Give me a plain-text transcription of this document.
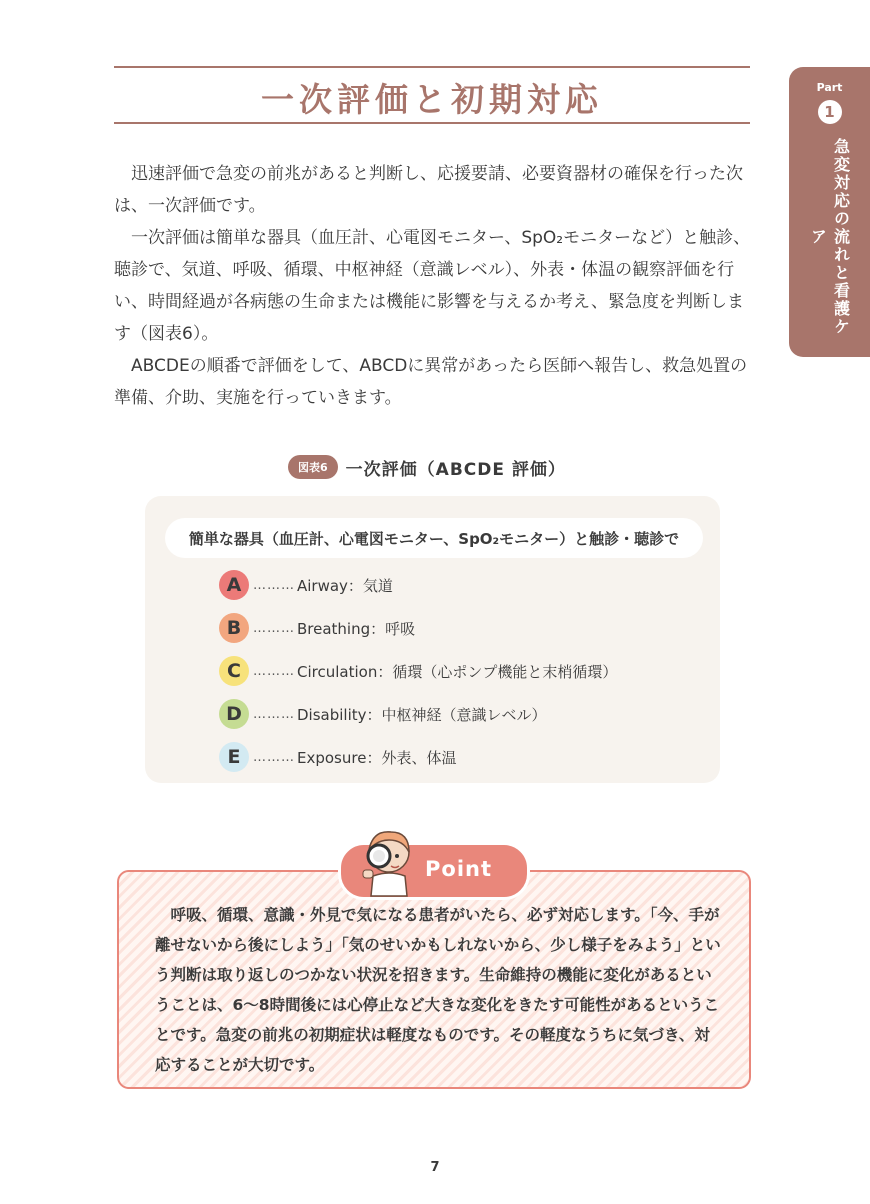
一次評価と初期対応	Part
1
急変対応の流れと看護ケア

迅速評価で急変の前兆があると判断し、応援要請、必要資器材の確保を行った次は、一次評価です。

一次評価は簡単な器具（血圧計、心電図モニター、SpO₂モニターなど）と触診、聴診で、気道、呼吸、循環、中枢神経（意識レベル）、外表・体温の観察評価を行い、時間経過が各病態の生命または機能に影響を与えるか考え、緊急度を判断します（図表6）。

ABCDEの順番で評価をして、ABCDに異常があったら医師へ報告し、救急処置の準備、介助、実施を行っていきます。

図表6	一次評価（ABCDE 評価）
簡単な器具（血圧計、心電図モニター、SpO₂モニター）と触診・聴診で
A ……… Airway：気道
B ……… Breathing：呼吸
C ……… Circulation：循環（心ポンプ機能と末梢循環）
D ……… Disability：中枢神経（意識レベル）
E ……… Exposure：外表、体温

呼吸、循環、意識・外見で気になる患者がいたら、必ず対応します。「今、手が離せないから後にしよう」「気のせいかもしれないから、少し様子をみよう」という判断は取り返しのつかない状況を招きます。生命維持の機能に変化があるということは、6〜8時間後には心停止など大きな変化をきたす可能性があるということです。急変の前兆の初期症状は軽度なものです。その軽度なうちに気づき、対応することが大切です。

Point
7
